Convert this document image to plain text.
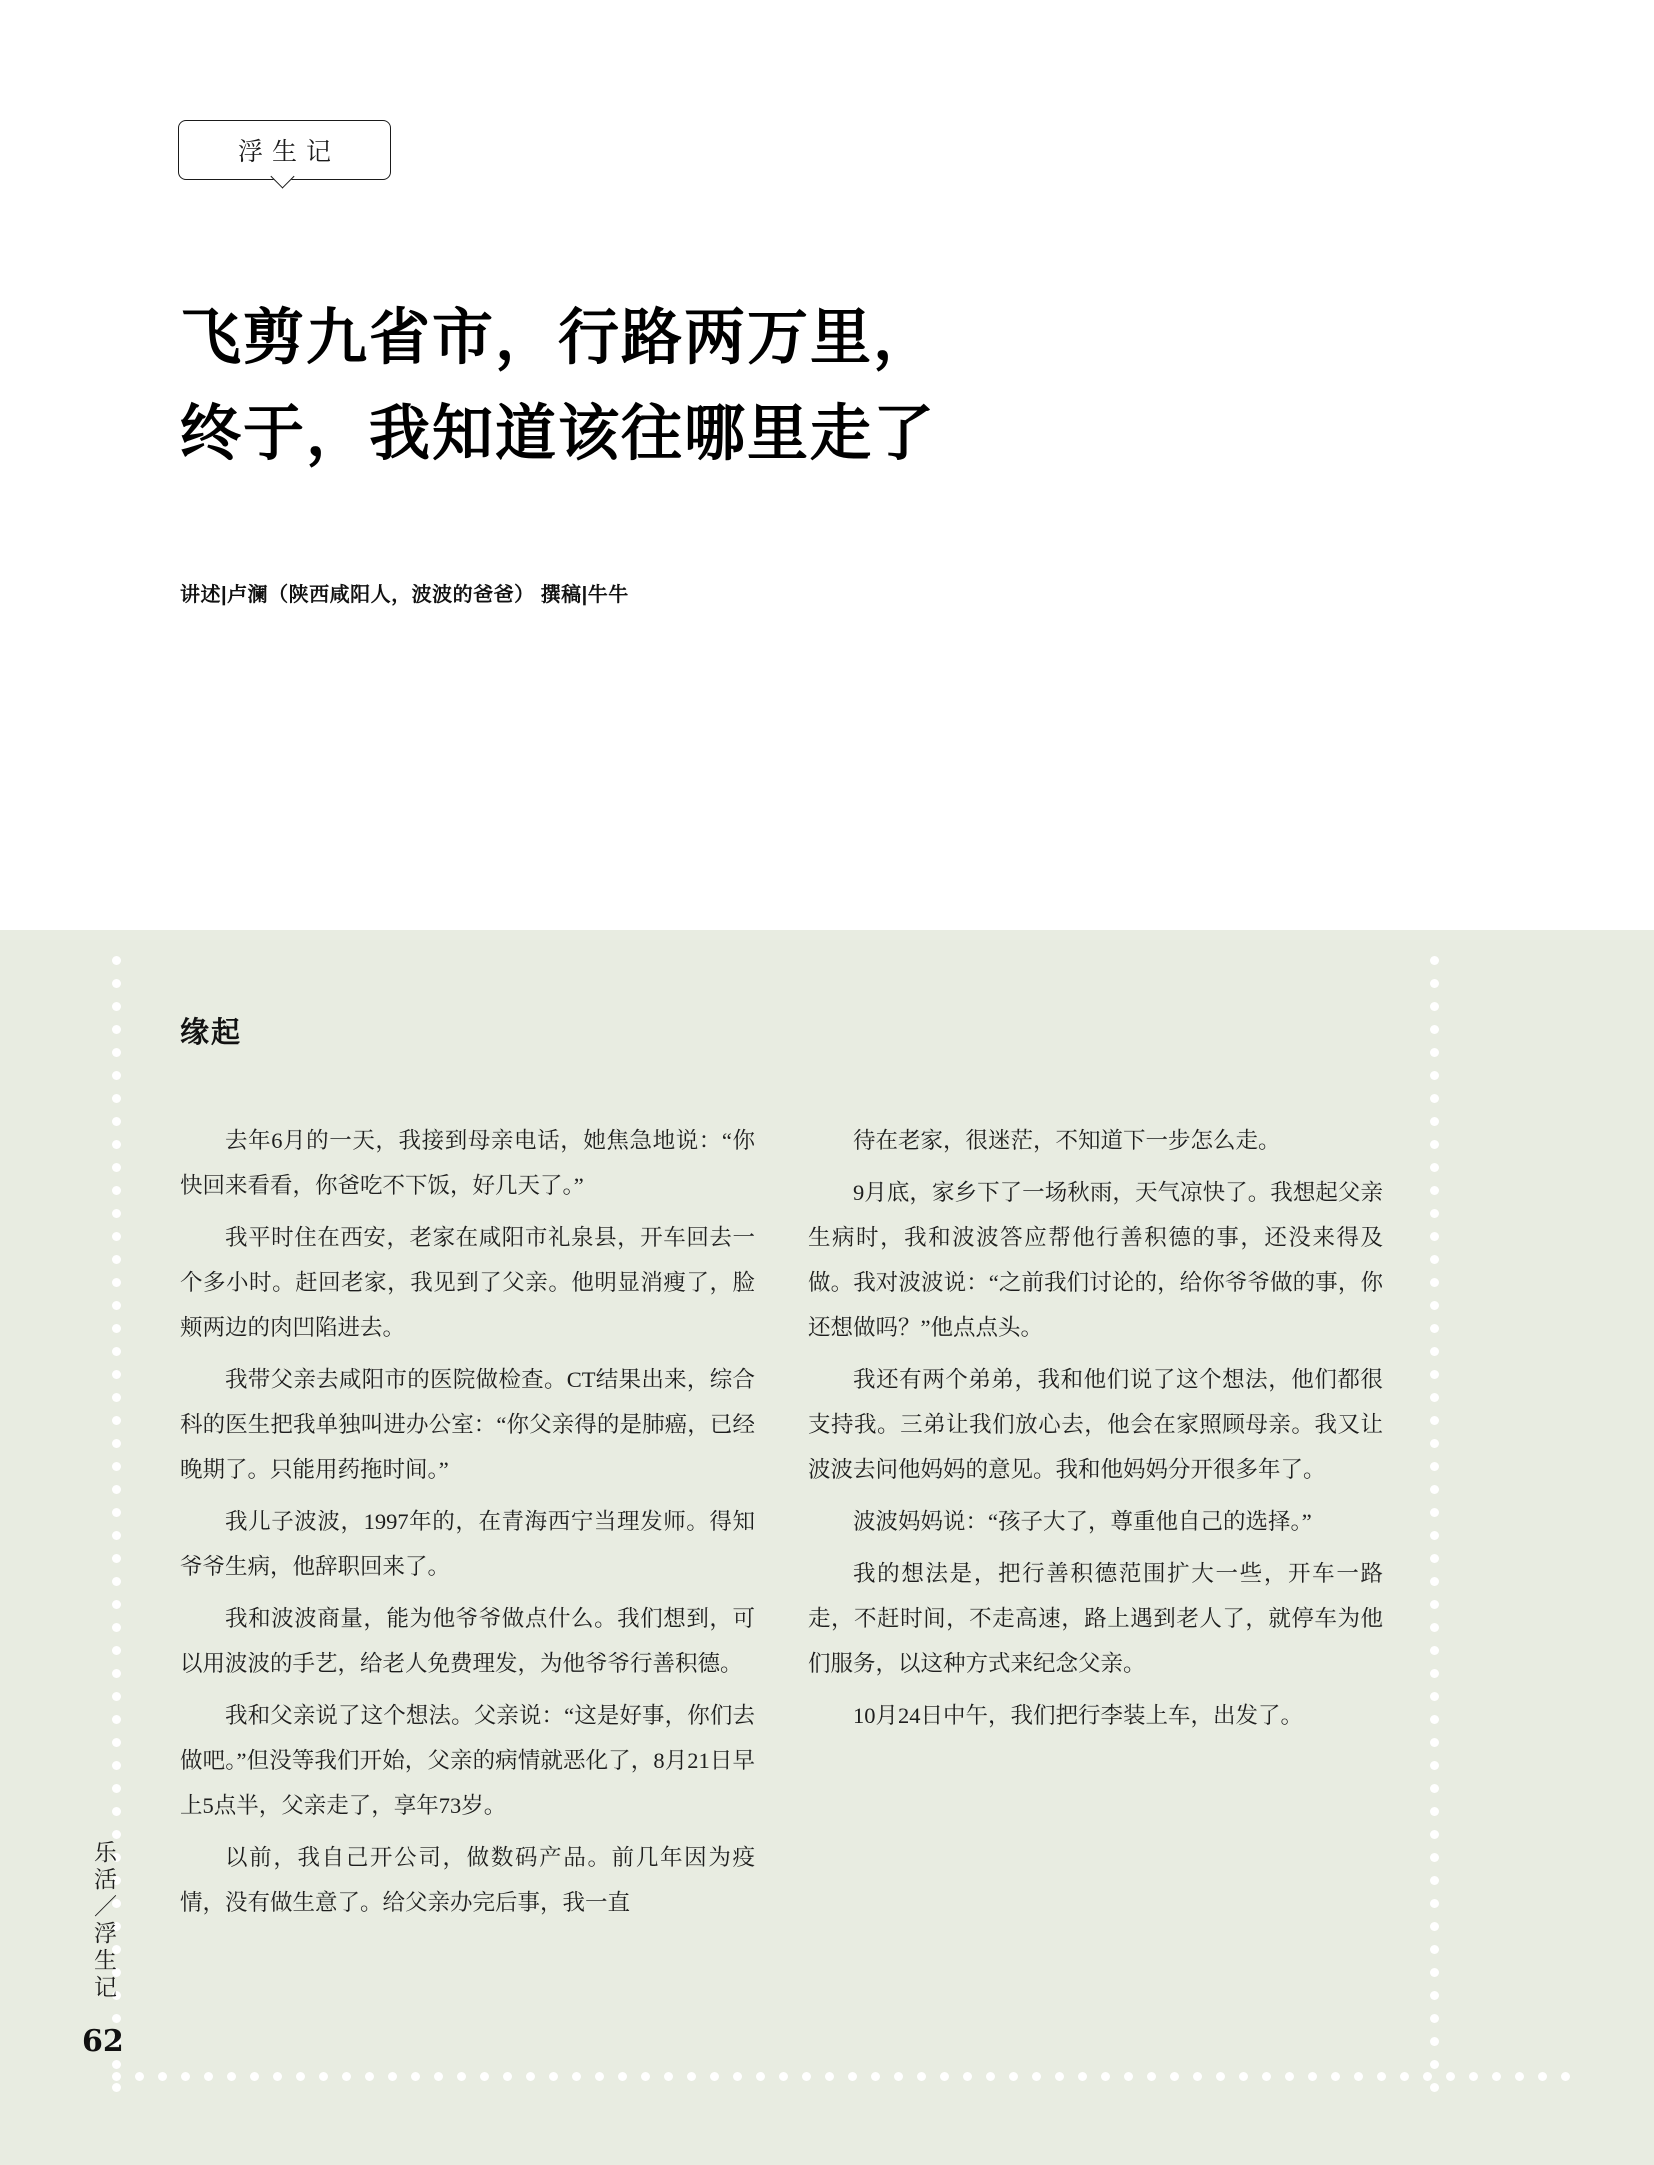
浮生记
飞剪九省市，行路两万里，
终于，我知道该往哪里走了
讲述|卢澜（陕西咸阳人，波波的爸爸） 撰稿|牛牛
缘起

去年6月的一天，我接到母亲电话，她焦急地说：“你快回来看看，你爸吃不下饭，好几天了。”

我平时住在西安，老家在咸阳市礼泉县，开车回去一个多小时。赶回老家，我见到了父亲。他明显消瘦了，脸颊两边的肉凹陷进去。

我带父亲去咸阳市的医院做检查。CT结果出来，综合科的医生把我单独叫进办公室：“你父亲得的是肺癌，已经晚期了。只能用药拖时间。”

我儿子波波，1997年的，在青海西宁当理发师。得知爷爷生病，他辞职回来了。

我和波波商量，能为他爷爷做点什么。我们想到，可以用波波的手艺，给老人免费理发，为他爷爷行善积德。

我和父亲说了这个想法。父亲说：“这是好事，你们去做吧。”但没等我们开始，父亲的病情就恶化了，8月21日早上5点半，父亲走了，享年73岁。

以前，我自己开公司，做数码产品。前几年因为疫情，没有做生意了。给父亲办完后事，我一直

待在老家，很迷茫，不知道下一步怎么走。

9月底，家乡下了一场秋雨，天气凉快了。我想起父亲生病时，我和波波答应帮他行善积德的事，还没来得及做。我对波波说：“之前我们讨论的，给你爷爷做的事，你还想做吗？”他点点头。

我还有两个弟弟，我和他们说了这个想法，他们都很支持我。三弟让我们放心去，他会在家照顾母亲。我又让波波去问他妈妈的意见。我和他妈妈分开很多年了。

波波妈妈说：“孩子大了，尊重他自己的选择。”

我的想法是，把行善积德范围扩大一些，开车一路走，不赶时间，不走高速，路上遇到老人了，就停车为他们服务，以这种方式来纪念父亲。

10月24日中午，我们把行李装上车，出发了。

乐活／浮生记
62
